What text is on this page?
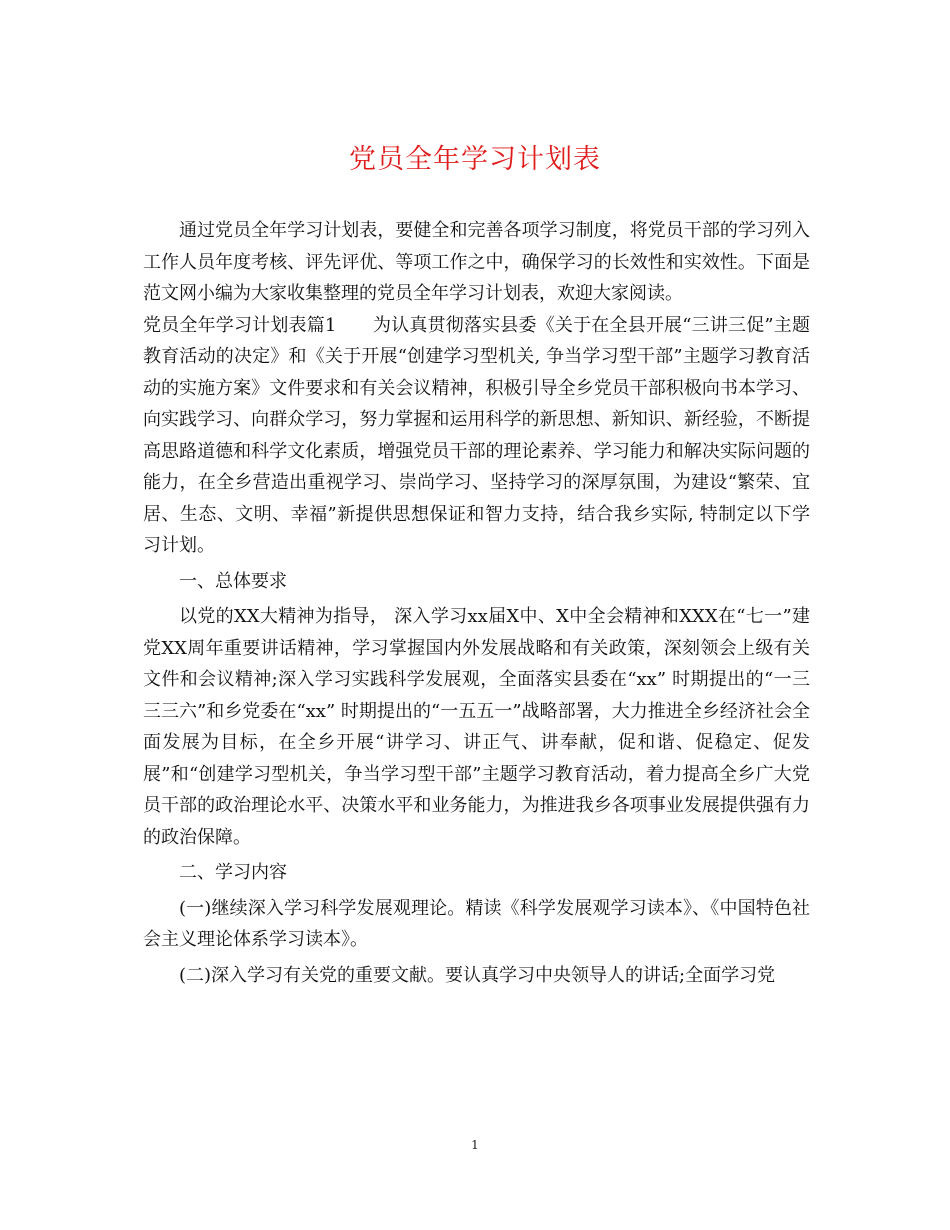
党员全年学习计划表

通过党员全年学习计划表，要健全和完善各项学习制度，将党员干部的学习列入工作人员年度考核、评先评优、等项工作之中，确保学习的长效性和实效性。下面是范文网小编为大家收集整理的党员全年学习计划表，欢迎大家阅读。

党员全年学习计划表篇1　　为认真贯彻落实县委《关于在全县开展“三讲三促”主题教育活动的决定》和《关于开展“创建学习型机关, 争当学习型干部”主题学习教育活动的实施方案》文件要求和有关会议精神，积极引导全乡党员干部积极向书本学习、向实践学习、向群众学习，努力掌握和运用科学的新思想、新知识、新经验，不断提高思路道德和科学文化素质，增强党员干部的理论素养、学习能力和解决实际问题的能力，在全乡营造出重视学习、崇尚学习、坚持学习的深厚氛围，为建设“繁荣、宜居、生态、文明、幸福”新提供思想保证和智力支持，结合我乡实际, 特制定以下学习计划。

一、总体要求

以党的XX大精神为指导， 深入学习xx届X中、X中全会精神和XXX在“七一”建党XX周年重要讲话精神，学习掌握国内外发展战略和有关政策，深刻领会上级有关文件和会议精神;深入学习实践科学发展观，全面落实县委在“xx” 时期提出的“一三三三六”和乡党委在“xx” 时期提出的“一五五一”战略部署，大力推进全乡经济社会全面发展为目标，在全乡开展“讲学习、讲正气、讲奉献，促和谐、促稳定、促发展”和“创建学习型机关，争当学习型干部”主题学习教育活动，着力提高全乡广大党员干部的政治理论水平、决策水平和业务能力，为推进我乡各项事业发展提供强有力的政治保障。

二、学习内容

(一)继续深入学习科学发展观理论。精读《科学发展观学习读本》、《中国特色社会主义理论体系学习读本》。

(二)深入学习有关党的重要文献。要认真学习中央领导人的讲话;全面学习党

1
